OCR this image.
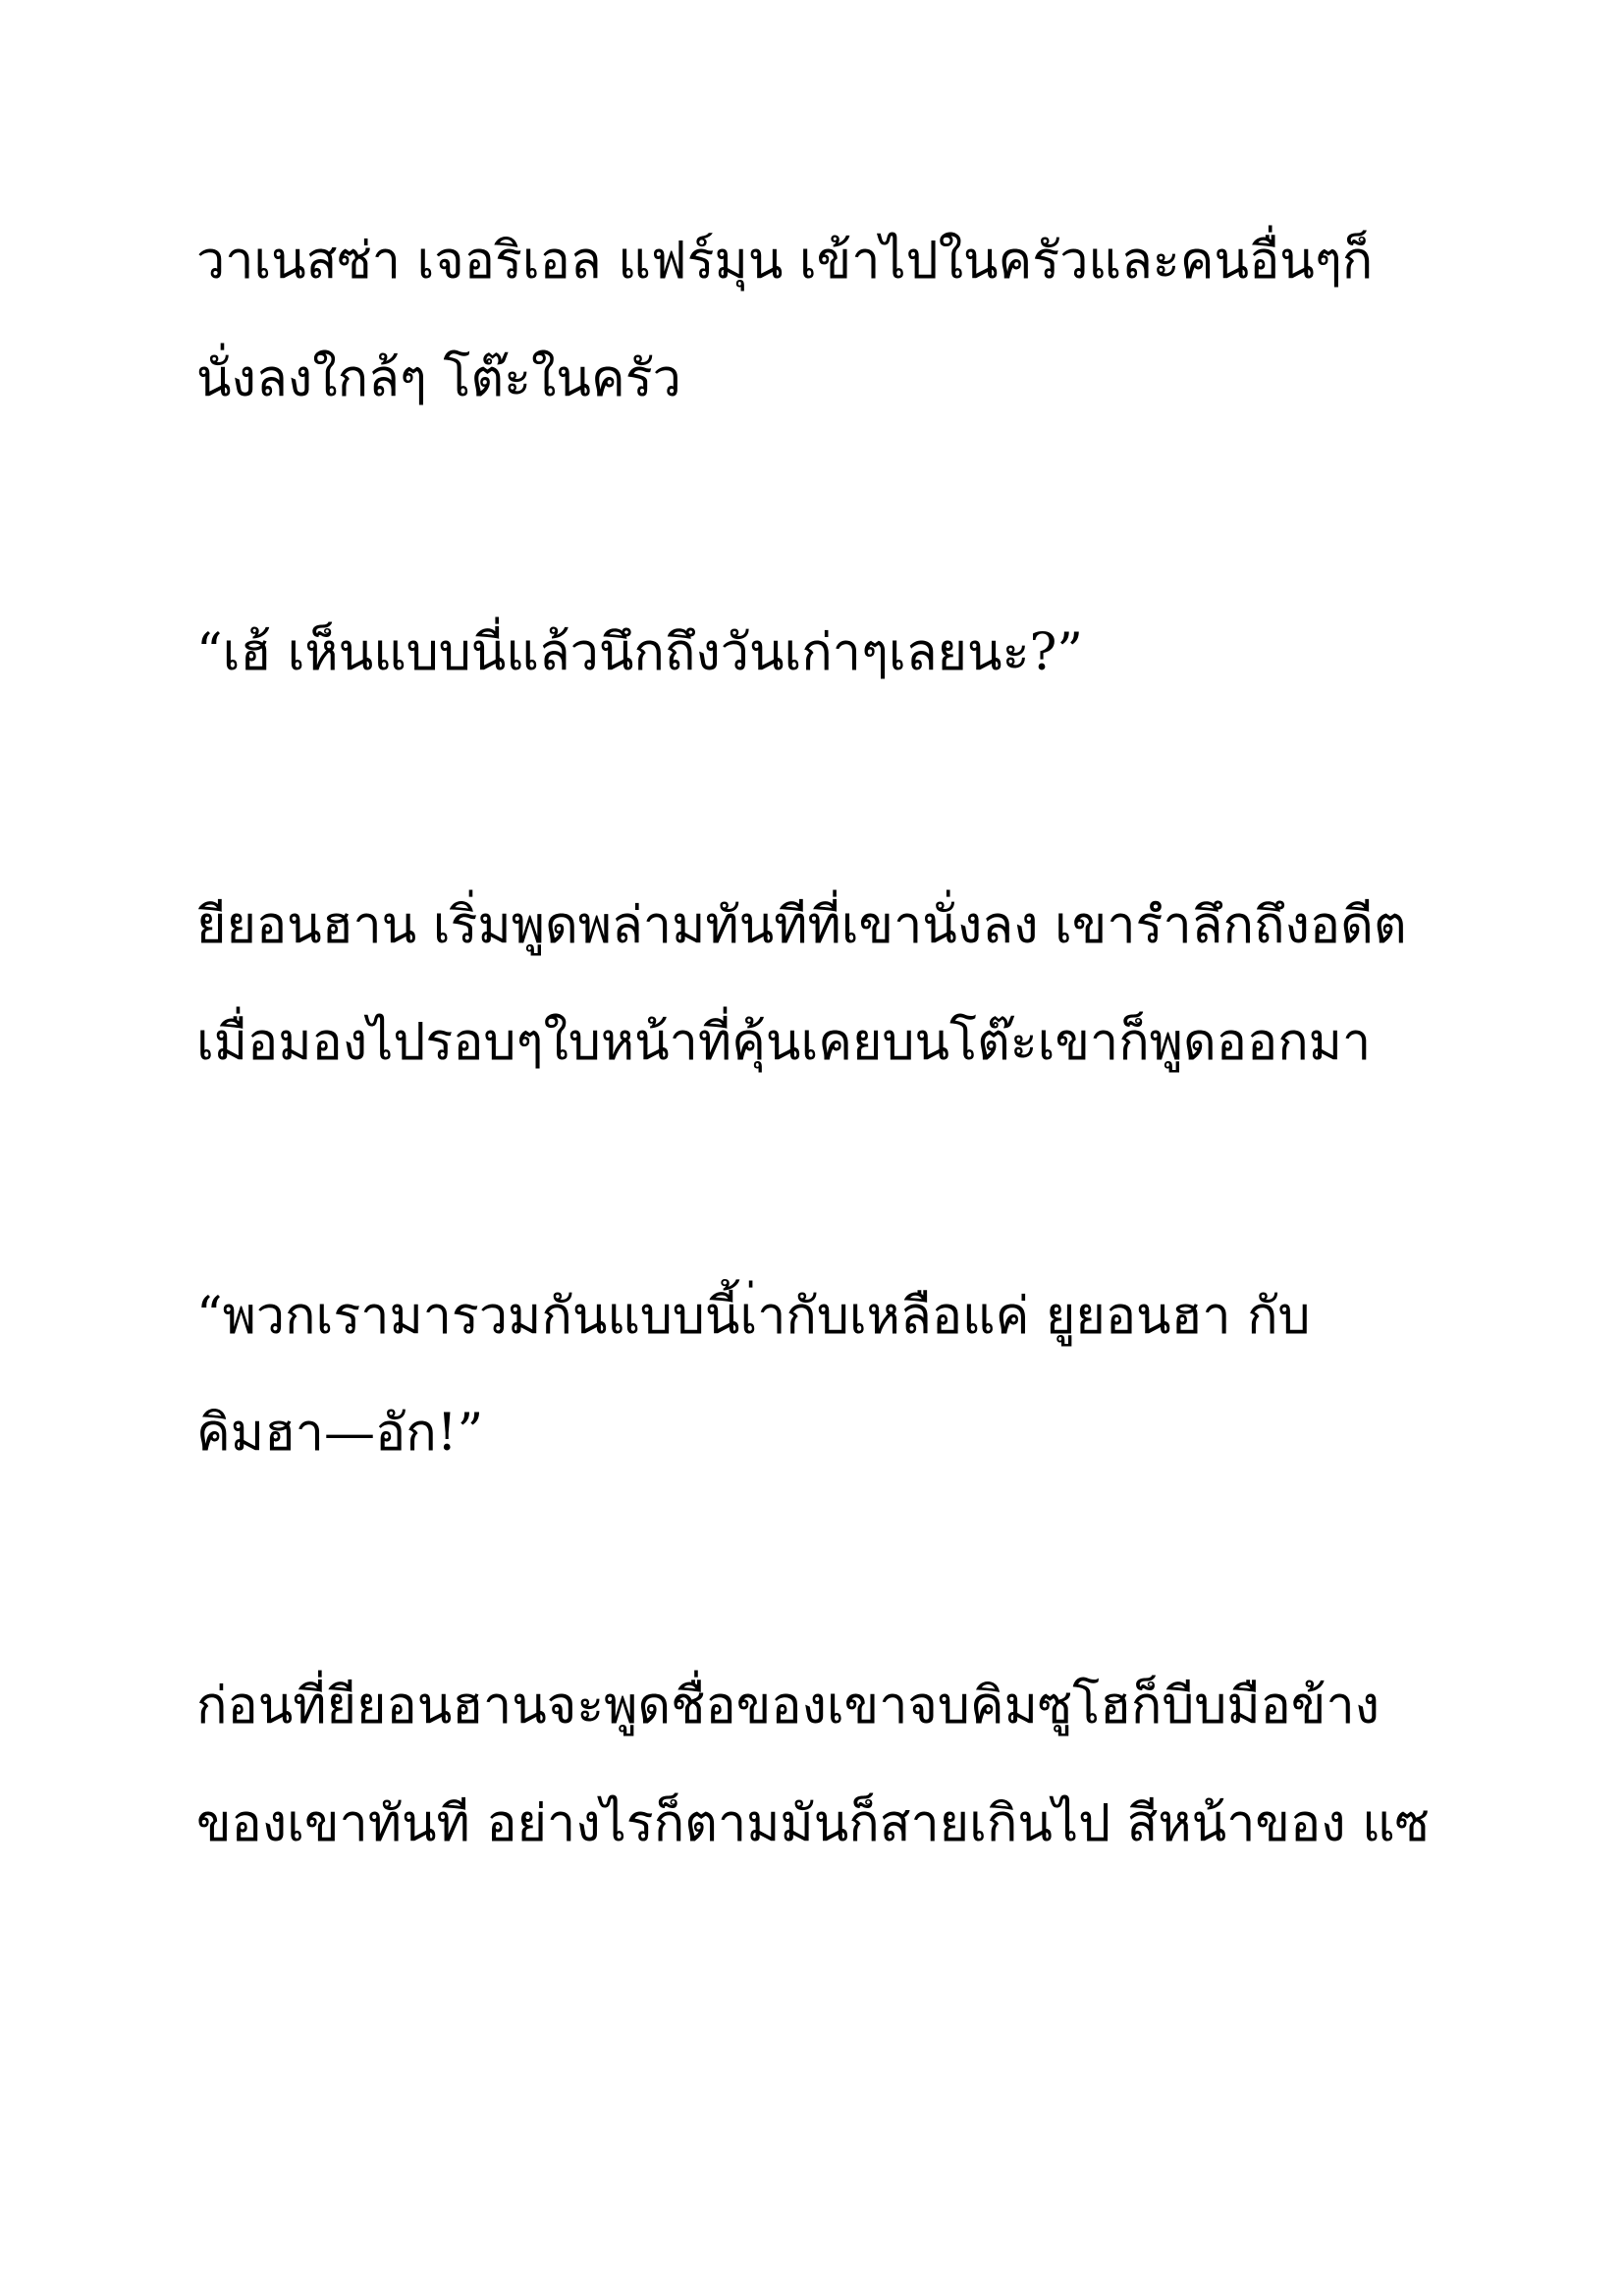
วาเนสซ่า เจอริเอล แฟร์มุน เข้าไปในครัวและคนอื่นๆก็

นั่งลงใกล้ๆ โต๊ะในครัว

“เฮ้ เห็นแบบนี่แล้วนึกถึงวันเก่าๆเลยนะ?”

ยียอนฮาน เริ่มพูดพล่ามทันทีที่เขานั่งลง เขารำลึกถึงอดีต

เมื่อมองไปรอบๆใบหน้าที่คุ้นเคยบนโต๊ะเขาก็พูดออกมา

“พวกเรามารวมกันแบบนี้เ่ากับเหลือแค่ ยูยอนฮา กับ

คิมฮา—อัก!”

ก่อนที่ยียอนฮานจะพูดชื่อของเขาจบคิมซูโฮก็บีบมือข้าง

ของเขาทันที อย่างไรก็ตามมันก็สายเกินไป สีหน้าของ แซ
